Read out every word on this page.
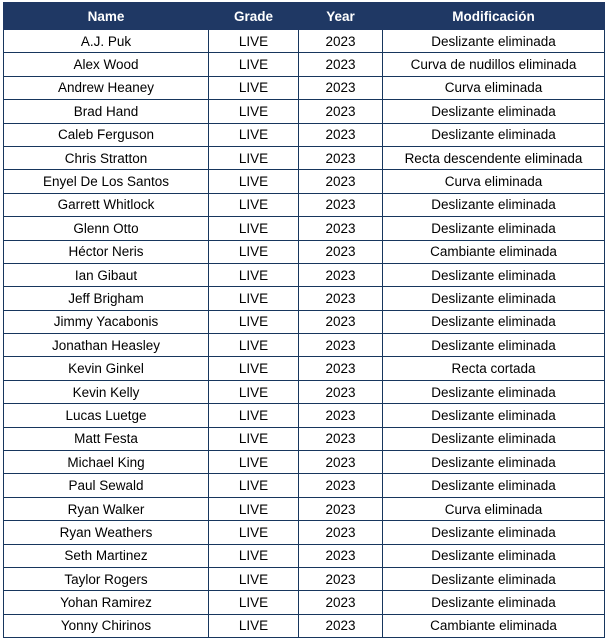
Name	Grade	Year	Modificación
A.J. Puk	LIVE	2023	Deslizante eliminada
Alex Wood	LIVE	2023	Curva de nudillos eliminada
Andrew Heaney	LIVE	2023	Curva eliminada
Brad Hand	LIVE	2023	Deslizante eliminada
Caleb Ferguson	LIVE	2023	Deslizante eliminada
Chris Stratton	LIVE	2023	Recta descendente eliminada
Enyel De Los Santos	LIVE	2023	Curva eliminada
Garrett Whitlock	LIVE	2023	Deslizante eliminada
Glenn Otto	LIVE	2023	Deslizante eliminada
Héctor Neris	LIVE	2023	Cambiante eliminada
Ian Gibaut	LIVE	2023	Deslizante eliminada
Jeff Brigham	LIVE	2023	Deslizante eliminada
Jimmy Yacabonis	LIVE	2023	Deslizante eliminada
Jonathan Heasley	LIVE	2023	Deslizante eliminada
Kevin Ginkel	LIVE	2023	Recta cortada
Kevin Kelly	LIVE	2023	Deslizante eliminada
Lucas Luetge	LIVE	2023	Deslizante eliminada
Matt Festa	LIVE	2023	Deslizante eliminada
Michael King	LIVE	2023	Deslizante eliminada
Paul Sewald	LIVE	2023	Deslizante eliminada
Ryan Walker	LIVE	2023	Curva eliminada
Ryan Weathers	LIVE	2023	Deslizante eliminada
Seth Martinez	LIVE	2023	Deslizante eliminada
Taylor Rogers	LIVE	2023	Deslizante eliminada
Yohan Ramirez	LIVE	2023	Deslizante eliminada
Yonny Chirinos	LIVE	2023	Cambiante eliminada
